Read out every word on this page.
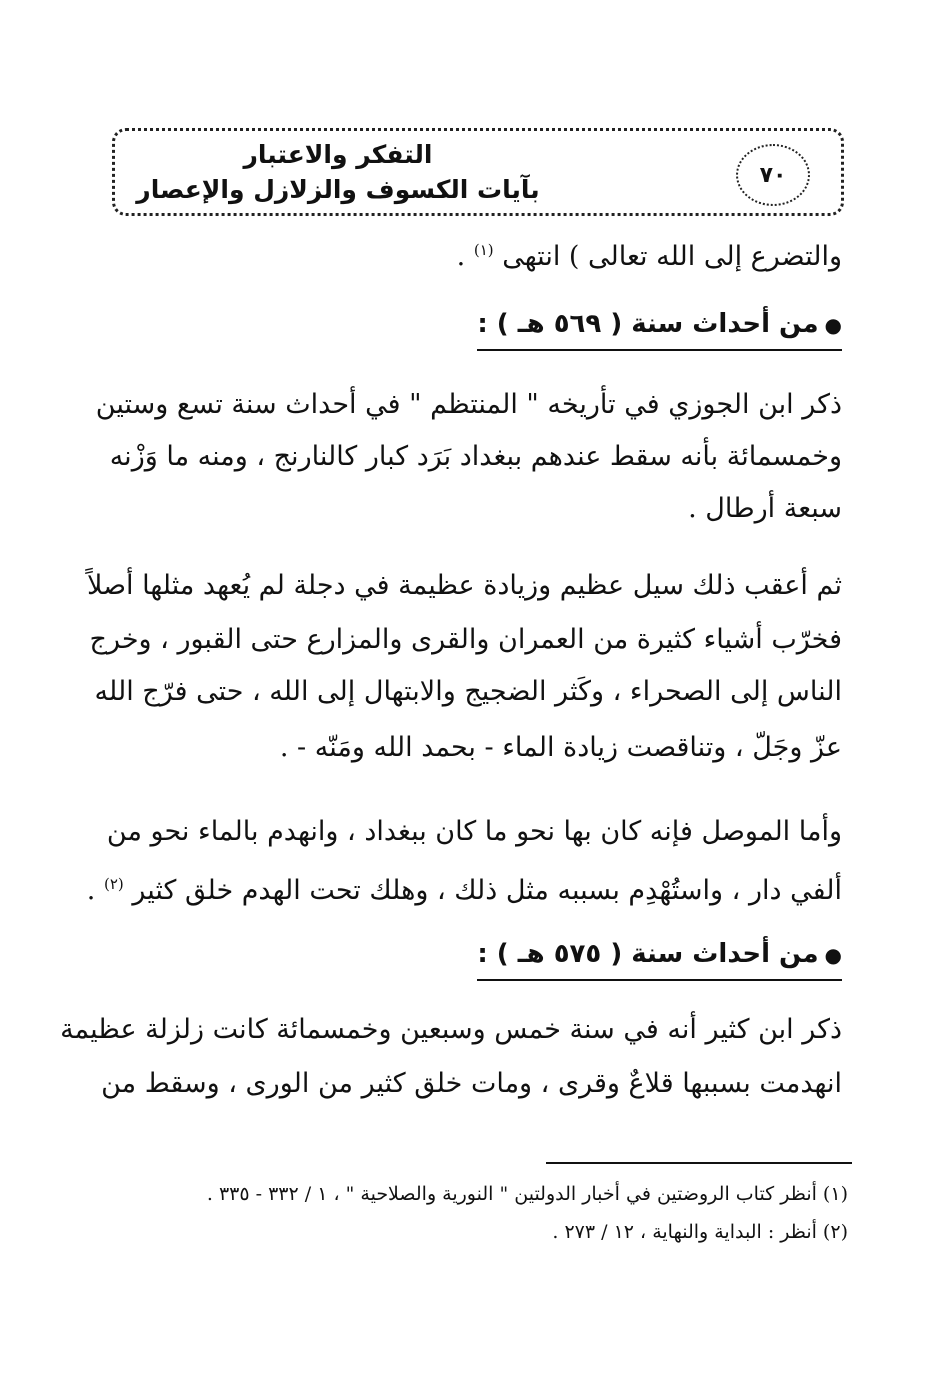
٧٠
التفكر والاعتبار
بآيات الكسوف والزلازل والإعصار

والتضرع إلى الله تعالى ) انتهى $^{(١)}$ .

●من أحداث سنة ( ٥٦٩ هـ ) :

ذكر ابن الجوزي في تأريخه " المنتظم " في أحداث سنة تسع وستين

وخمسمائة بأنه سقط عندهم ببغداد بَرَد كبار كالنارنج ، ومنه ما وَزْنه

سبعة أرطال .

ثم أعقب ذلك سيل عظيم وزيادة عظيمة في دجلة لم يُعهد مثلها أصلاً

فخرّب أشياء كثيرة من العمران والقرى والمزارع حتى القبور ، وخرج

الناس إلى الصحراء ، وكَثر الضجيج والابتهال إلى الله ، حتى فرّج الله

عزّ وجَلّ ، وتناقصت زيادة الماء - بحمد الله ومَنّه - .

وأما الموصل فإنه كان بها نحو ما كان ببغداد ، وانهدم بالماء نحو من

ألفي دار ، واستُهْدِم بسببه مثل ذلك ، وهلك تحت الهدم خلق كثير $^{(٢)}$ .

●من أحداث سنة ( ٥٧٥ هـ ) :

ذكر ابن كثير أنه في سنة خمس وسبعين وخمسمائة كانت زلزلة عظيمة

انهدمت بسببها قلاعٌ وقرى ، ومات خلق كثير من الورى ، وسقط من

(١) أنظر كتاب الروضتين في أخبار الدولتين " النورية والصلاحية " ، ١ / ٣٣٢ - ٣٣٥ .

(٢) أنظر : البداية والنهاية ، ١٢ / ٢٧٣ .
